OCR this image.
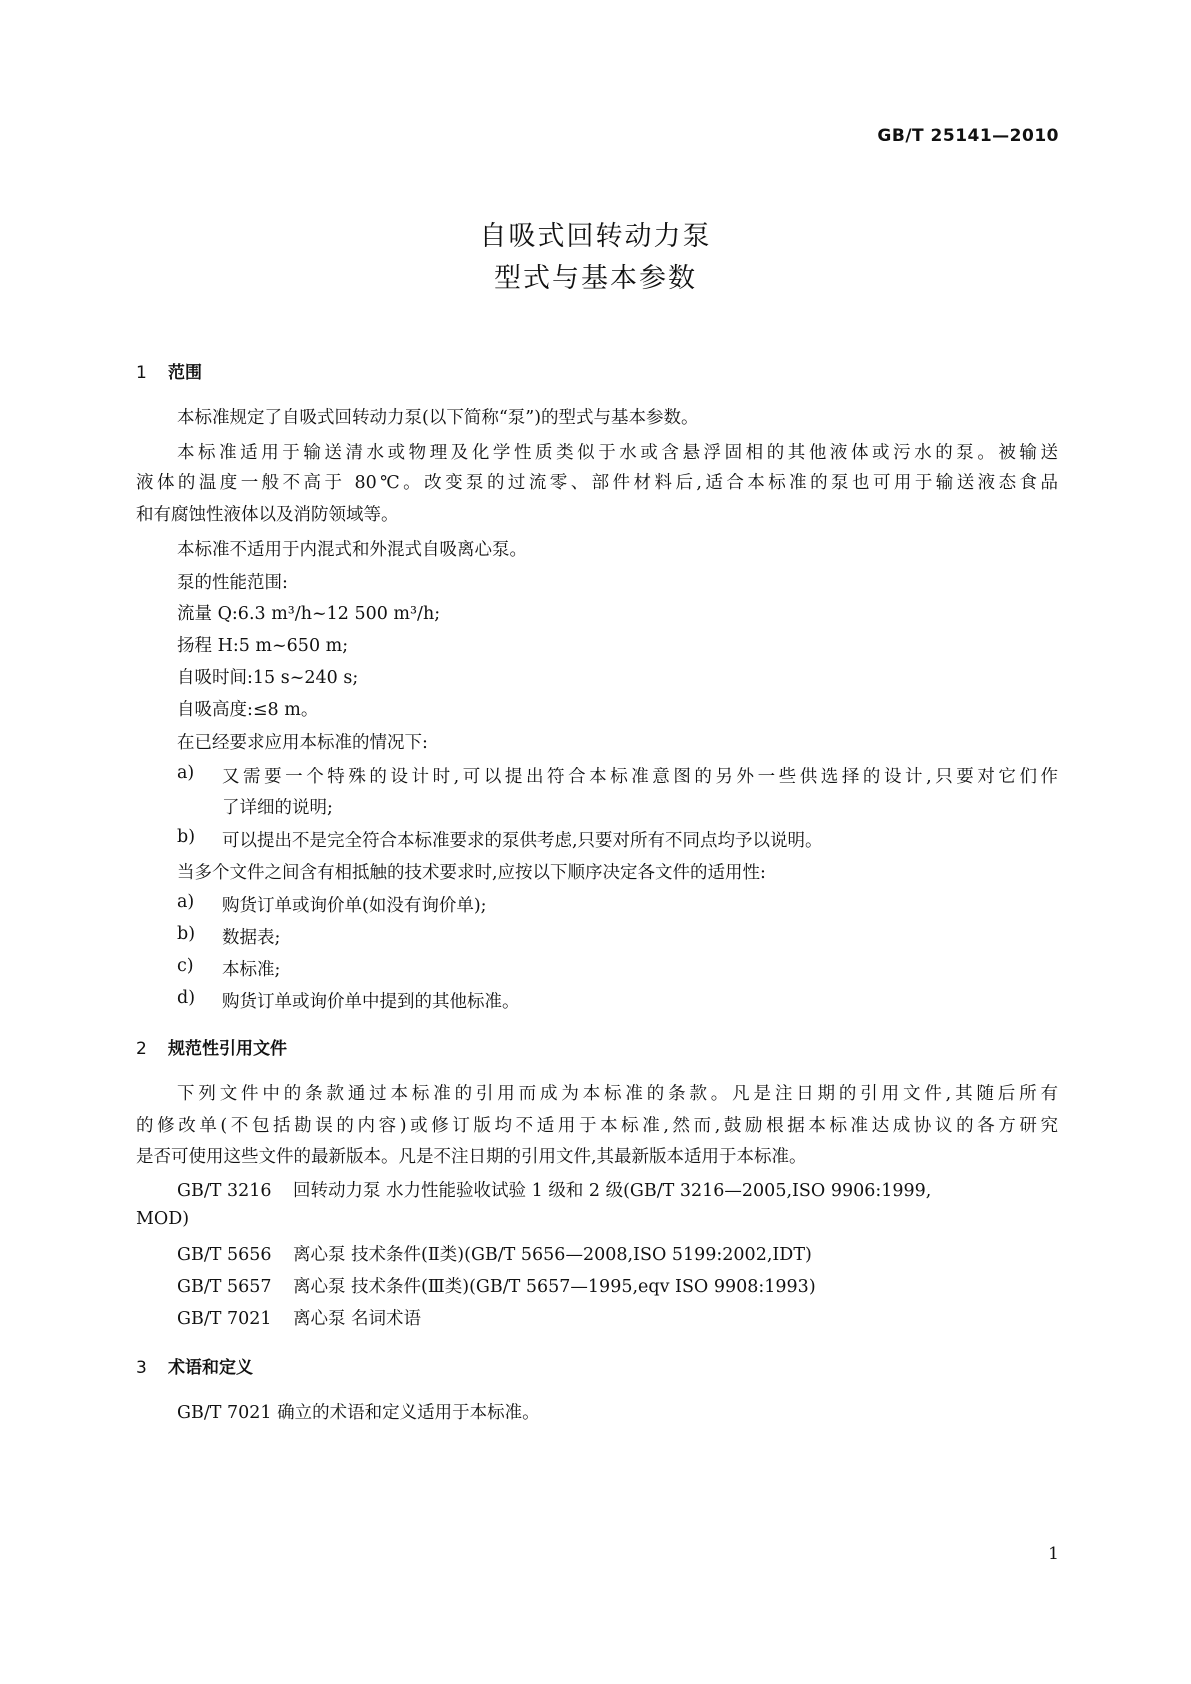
GB/T 25141—2010
自吸式回转动力泵
型式与基本参数
1 范围
本标准规定了自吸式回转动力泵(以下简称“泵”)的型式与基本参数。
本标准适用于输送清水或物理及化学性质类似于水或含悬浮固相的其他液体或污水的泵。被输送
液体的温度一般不高于 80℃。改变泵的过流零、部件材料后,适合本标准的泵也可用于输送液态食品
和有腐蚀性液体以及消防领域等。
本标准不适用于内混式和外混式自吸离心泵。
泵的性能范围:
流量 Q:6.3 m³/h~12 500 m³/h;
扬程 H:5 m~650 m;
自吸时间:15 s~240 s;
自吸高度:≤8 m。
在已经要求应用本标准的情况下:
a) 又需要一个特殊的设计时,可以提出符合本标准意图的另外一些供选择的设计,只要对它们作
了详细的说明;
b) 可以提出不是完全符合本标准要求的泵供考虑,只要对所有不同点均予以说明。
当多个文件之间含有相抵触的技术要求时,应按以下顺序决定各文件的适用性:
a) 购货订单或询价单(如没有询价单);
b) 数据表;
c) 本标准;
d) 购货订单或询价单中提到的其他标准。
2 规范性引用文件
下列文件中的条款通过本标准的引用而成为本标准的条款。凡是注日期的引用文件,其随后所有
的修改单(不包括勘误的内容)或修订版均不适用于本标准,然而,鼓励根据本标准达成协议的各方研究
是否可使用这些文件的最新版本。凡是不注日期的引用文件,其最新版本适用于本标准。
GB/T 3216 回转动力泵 水力性能验收试验 1 级和 2 级(GB/T 3216—2005,ISO 9906:1999,
MOD)
GB/T 5656 离心泵 技术条件(Ⅱ类)(GB/T 5656—2008,ISO 5199:2002,IDT)
GB/T 5657 离心泵 技术条件(Ⅲ类)(GB/T 5657—1995,eqv ISO 9908:1993)
GB/T 7021 离心泵 名词术语
3 术语和定义
GB/T 7021 确立的术语和定义适用于本标准。
1
